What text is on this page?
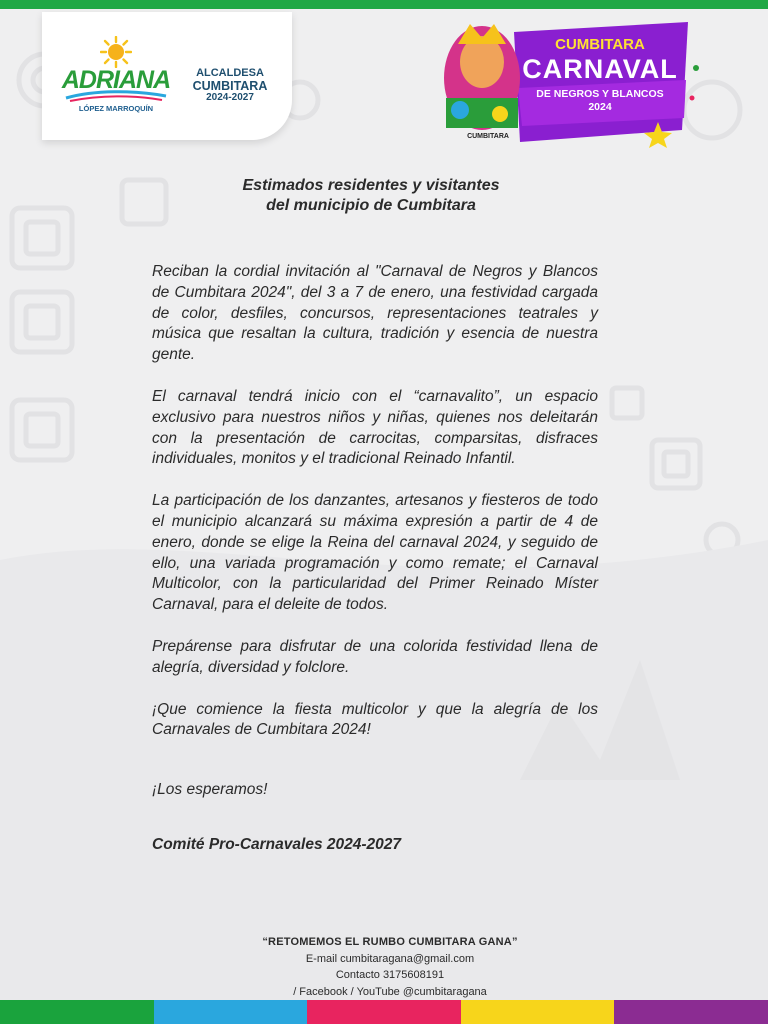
ADRIANA
LÓPEZ MARROQUÍN
ALCALDESA
CUMBITARA
2024-2027
CUMBITARA
CARNAVAL
DE NEGROS Y BLANCOS
2024
CUMBITARA
Estimados residentes y visitantes
del municipio de Cumbitara

Reciban la cordial invitación al "Carnaval de Negros y Blancos de Cumbitara 2024", del 3 a 7 de enero, una festividad cargada de color, desfiles, concursos, representaciones teatrales y música que resaltan la cultura, tradición y esencia de nuestra gente.

El carnaval tendrá inicio con el “carnavalito”, un espacio exclusivo para nuestros niños y niñas, quienes nos deleitarán con la presentación de carrocitas, comparsitas, disfraces individuales, monitos y el tradicional Reinado Infantil.

La participación de los danzantes, artesanos y fiesteros de todo el municipio alcanzará su máxima expresión a partir de 4 de enero, donde se elige la Reina del carnaval 2024, y seguido de ello, una variada programación y como remate; el Carnaval Multicolor, con la particularidad del Primer Reinado Míster Carnaval, para el deleite de todos.

Prepárense para disfrutar de una colorida festividad llena de alegría, diversidad y folclore.

¡Que comience la fiesta multicolor y que la alegría de los Carnavales de Cumbitara 2024!

¡Los esperamos!

Comité Pro-Carnavales 2024-2027

“RETOMEMOS EL RUMBO CUMBITARA GANA”
E-mail cumbitaragana@gmail.com
Contacto 3175608191
/ Facebook / YouTube @cumbitaragana
